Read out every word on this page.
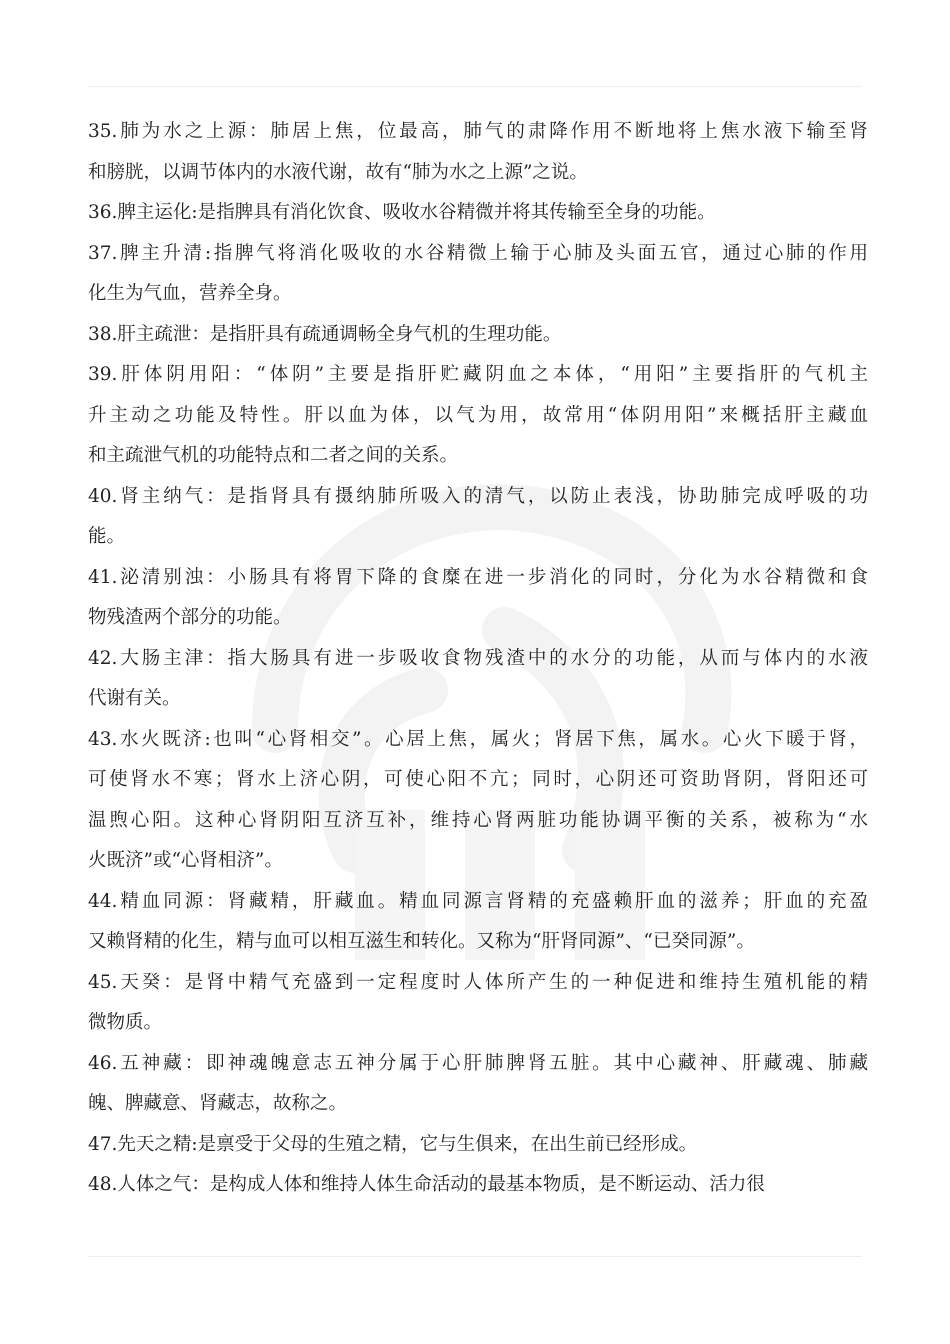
35.肺为水之上源：肺居上焦，位最高，肺气的肃降作用不断地将上焦水液下输至肾
和膀胱，以调节体内的水液代谢，故有“肺为水之上源”之说。
36.脾主运化:是指脾具有消化饮食、吸收水谷精微并将其传输至全身的功能。
37.脾主升清:指脾气将消化吸收的水谷精微上输于心肺及头面五官，通过心肺的作用
化生为气血，营养全身。
38.肝主疏泄：是指肝具有疏通调畅全身气机的生理功能。
39.肝体阴用阳：“体阴”主要是指肝贮藏阴血之本体，“用阳”主要指肝的气机主
升主动之功能及特性。肝以血为体，以气为用，故常用“体阴用阳”来概括肝主藏血
和主疏泄气机的功能特点和二者之间的关系。
40.肾主纳气：是指肾具有摄纳肺所吸入的清气，以防止表浅，协助肺完成呼吸的功
能。
41.泌清别浊：小肠具有将胃下降的食糜在进一步消化的同时，分化为水谷精微和食
物残渣两个部分的功能。
42.大肠主津：指大肠具有进一步吸收食物残渣中的水分的功能，从而与体内的水液
代谢有关。
43.水火既济:也叫“心肾相交”。心居上焦，属火；肾居下焦，属水。心火下暖于肾，
可使肾水不寒；肾水上济心阴，可使心阳不亢；同时，心阴还可资助肾阴，肾阳还可
温煦心阳。这种心肾阴阳互济互补，维持心肾两脏功能协调平衡的关系，被称为“水
火既济”或“心肾相济”。
44.精血同源：肾藏精，肝藏血。精血同源言肾精的充盛赖肝血的滋养；肝血的充盈
又赖肾精的化生，精与血可以相互滋生和转化。又称为“肝肾同源”、“已癸同源”。
45.天癸：是肾中精气充盛到一定程度时人体所产生的一种促进和维持生殖机能的精
微物质。
46.五神藏：即神魂魄意志五神分属于心肝肺脾肾五脏。其中心藏神、肝藏魂、肺藏
魄、脾藏意、肾藏志，故称之。
47.先天之精:是禀受于父母的生殖之精，它与生俱来，在出生前已经形成。
48.人体之气：是构成人体和维持人体生命活动的最基本物质，是不断运动、活力很
